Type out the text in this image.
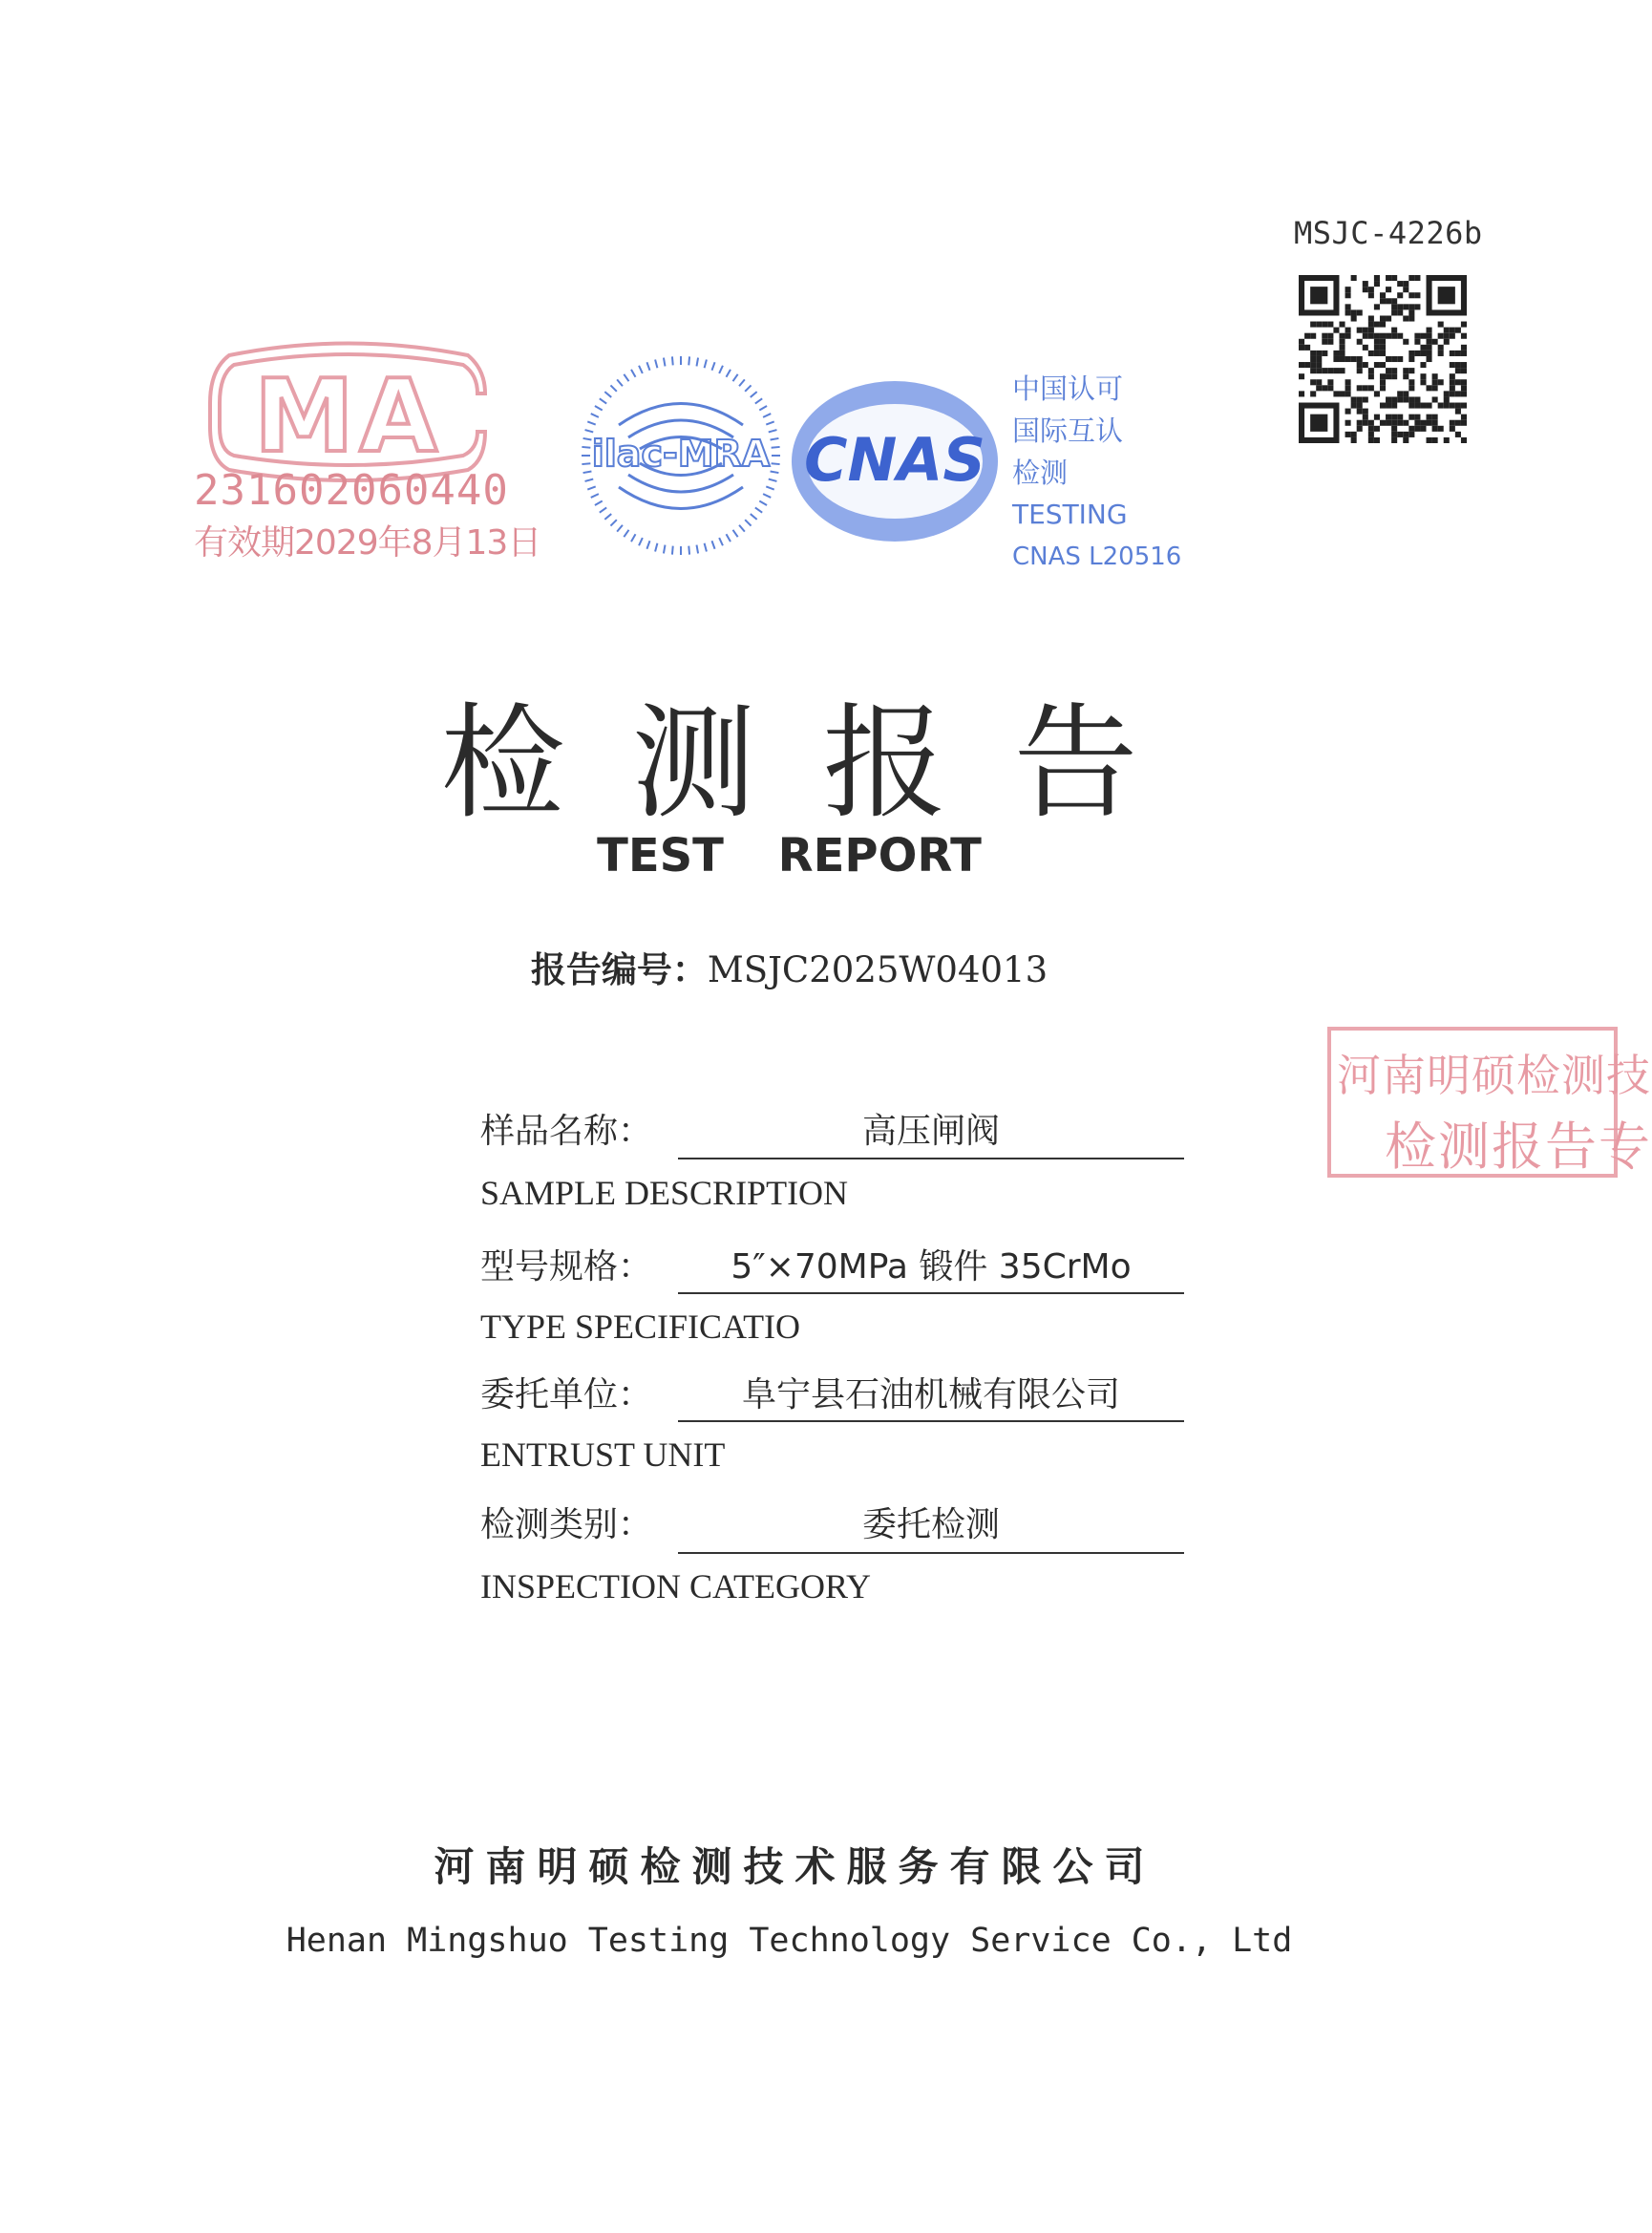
MSJC-4226b
MA
231602060440
有效期2029年8月13日
ilac-MRA CNAS
中国认可
国际互认
检测
TESTING
CNAS L20516
检测报告
TEST REPORT
报告编号：MSJC2025W04013
河南明硕检测技
检测报告专
样品名称：	高压闸阀
SAMPLE DESCRIPTION
型号规格：	5″×70MPa 锻件 35CrMo
TYPE SPECIFICATIO
委托单位：	阜宁县石油机械有限公司
ENTRUST UNIT
检测类别：	委托检测
INSPECTION CATEGORY
河南明硕检测技术服务有限公司
Henan Mingshuo Testing Technology Service Co., Ltd
